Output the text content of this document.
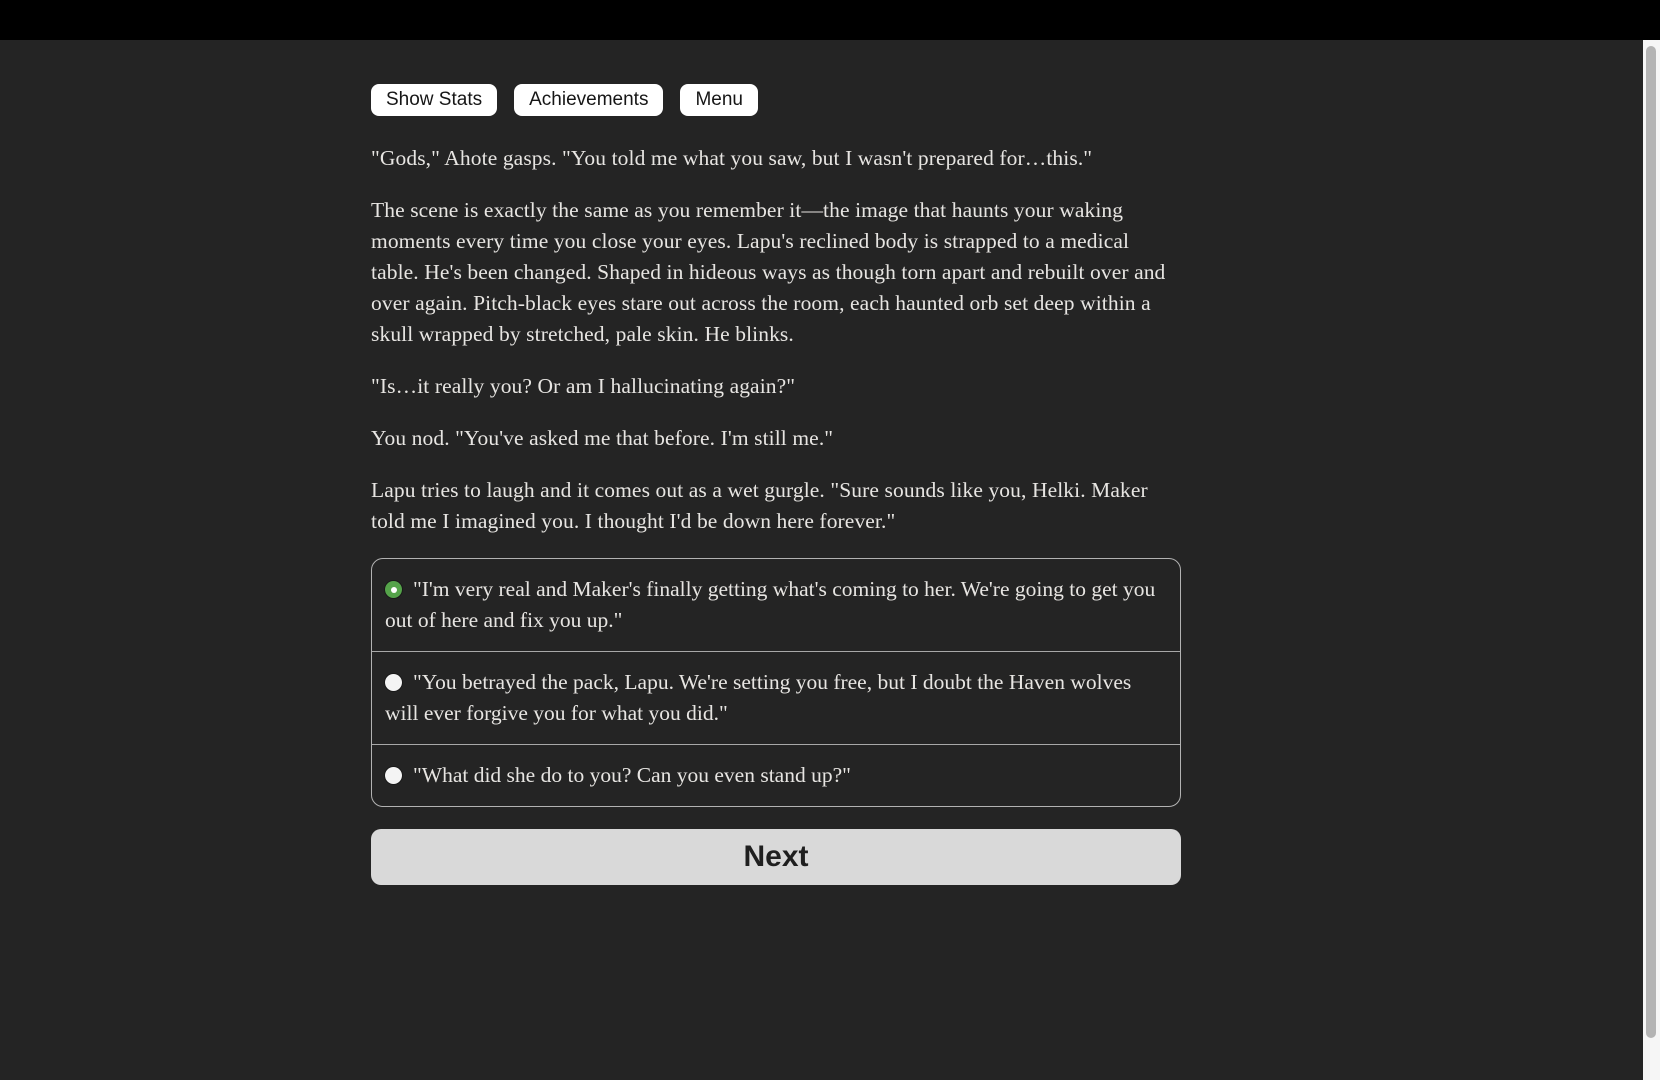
Show Stats	Achievements	Menu

"Gods," Ahote gasps. "You told me what you saw, but I wasn't prepared for…this."

The scene is exactly the same as you remember it—the image that haunts your waking moments every time you close your eyes. Lapu's reclined body is strapped to a medical table. He's been changed. Shaped in hideous ways as though torn apart and rebuilt over and over again. Pitch-black eyes stare out across the room, each haunted orb set deep within a skull wrapped by stretched, pale skin. He blinks.

"Is…it really you? Or am I hallucinating again?"

You nod. "You've asked me that before. I'm still me."

Lapu tries to laugh and it comes out as a wet gurgle. "Sure sounds like you, Helki. Maker told me I imagined you. I thought I'd be down here forever."

"I'm very real and Maker's finally getting what's coming to her. We're going to get you out of here and fix you up."
"You betrayed the pack, Lapu. We're setting you free, but I doubt the Haven wolves will ever forgive you for what you did."
"What did she do to you? Can you even stand up?"
Next
